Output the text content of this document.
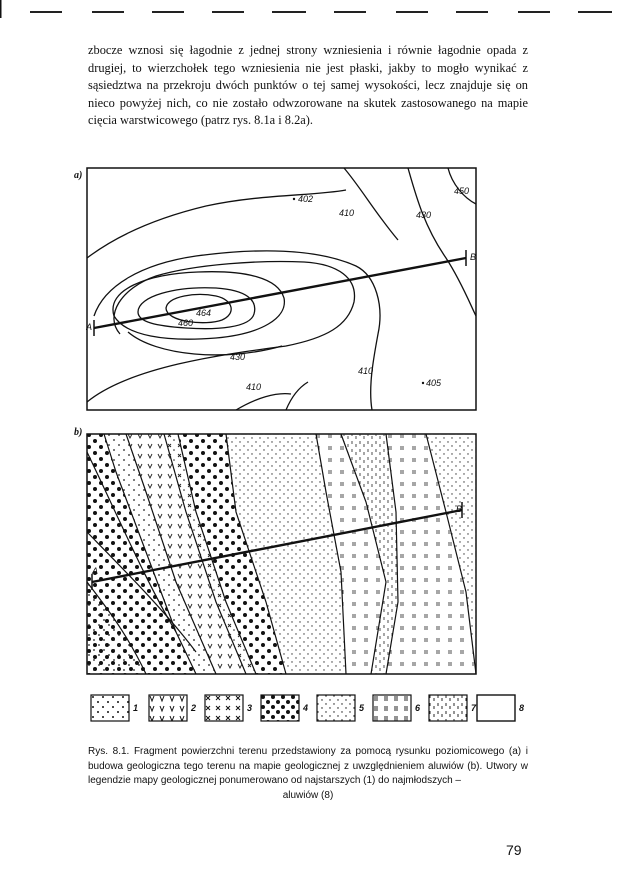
zbocze wznosi się łagodnie z jednej strony wzniesienia i równie łagodnie opada z drugiej, to wierzchołek tego wzniesienia nie jest płaski, jakby to mogło wynikać z sąsiedztwa na przekroju dwóch punktów o tej samej wysokości, lecz znajduje się on nieco powyżej nich, co nie zostało odwzorowane na skutek zastosowanego na mapie cięcia warstwicowego (patrz rys. 8.1a i 8.2a).

a)
402
410	430
450
464
460
430
410
410	405
A
B
b)
A
B
1	2	3	4	5	6	7	8

Rys. 8.1. Fragment powierzchni terenu przedstawiony za pomocą rysunku poziomicowego (a) i budowa geologiczna tego terenu na mapie geologicznej z uwzględnieniem aluwiów (b). Utwory w legendzie mapy geologicznej ponumerowano od najstarszych (1) do najmłodszych –
aluwiów (8)

79
